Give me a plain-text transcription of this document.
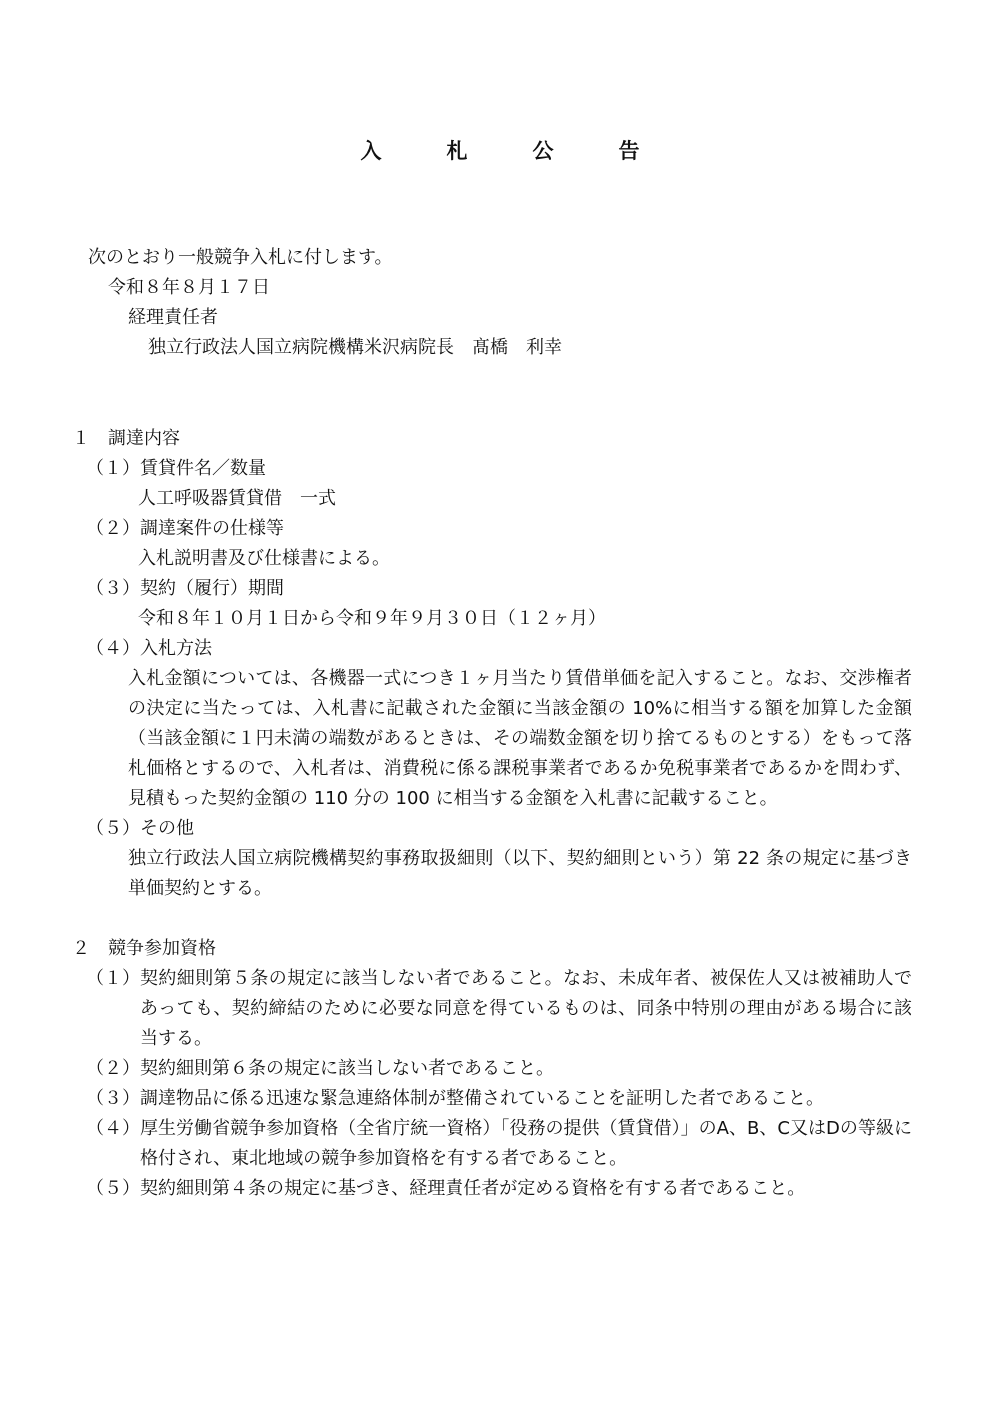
入　札　公　告
次のとおり一般競争入札に付します。
令和８年８月１７日
経理責任者
独立行政法人国立病院機構米沢病院長 髙橋 利幸
１ 調達内容
（１）賃貸件名／数量
人工呼吸器賃貸借　一式
（２）調達案件の仕様等
入札説明書及び仕様書による。
（３）契約（履行）期間
令和８年１０月１日から令和９年９月３０日（１２ヶ月）
（４）入札方法
入札金額については、各機器一式につき１ヶ月当たり賃借単価を記入すること。なお、交渉権者の決定に当たっては、入札書に記載された金額に当該金額の 10%に相当する額を加算した金額（当該金額に１円未満の端数があるときは、その端数金額を切り捨てるものとする）をもって落札価格とするので、入札者は、消費税に係る課税事業者であるか免税事業者であるかを問わず、見積もった契約金額の 110 分の 100 に相当する金額を入札書に記載すること。
（５）その他
独立行政法人国立病院機構契約事務取扱細則（以下、契約細則という）第 22 条の規定に基づき単価契約とする。
２ 競争参加資格
（１） 契約細則第５条の規定に該当しない者であること。なお、未成年者、被保佐人又は被補助人であっても、契約締結のために必要な同意を得ているものは、同条中特別の理由がある場合に該当する。
（２） 契約細則第６条の規定に該当しない者であること。
（３） 調達物品に係る迅速な緊急連絡体制が整備されていることを証明した者であること。
（４） 厚生労働省競争参加資格（全省庁統一資格）「役務の提供（賃貸借）」のA、B、C又はDの等級に格付され、東北地域の競争参加資格を有する者であること。
（５） 契約細則第４条の規定に基づき、経理責任者が定める資格を有する者であること。
